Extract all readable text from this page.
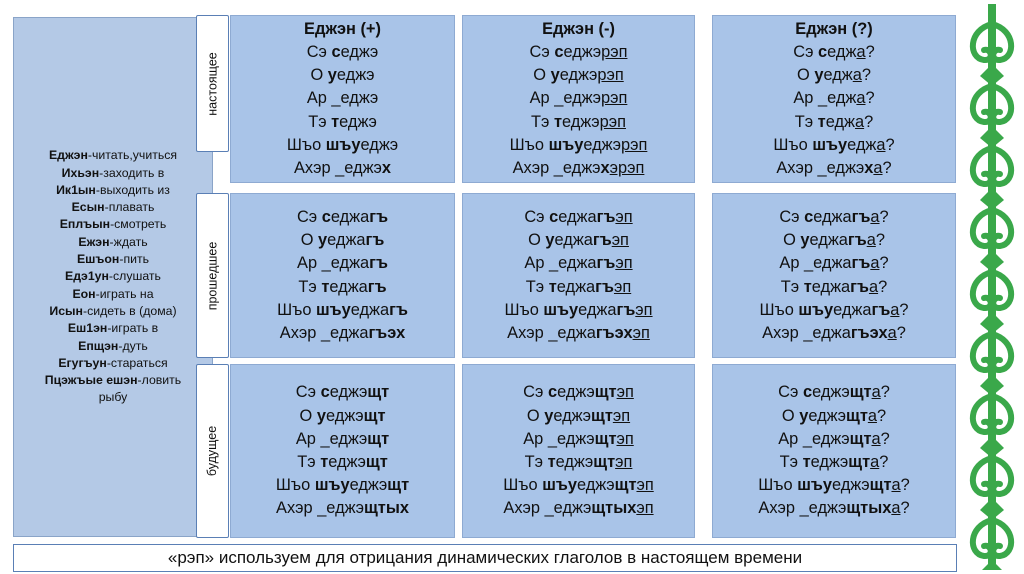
Еджэн-читать,учиться
Ихьэн-заходить в
Ик1ын-выходить из
Есын-плавать
Еплъын-смотреть
Ежэн-ждать
Ешъон-пить
Едэ1ун-слушать
Еон-играть на
Исын-сидеть в (дома)
Еш1эн-играть в
Епщэн-дуть
Егугъун-стараться
Пцэжъые ешэн-ловить
рыбу
настоящее
прошедшее
будущее
Еджэн (+)
Сэ седжэ
О уеджэ
Ар _еджэ
Тэ теджэ
Шъо шъуеджэ
Ахэр _еджэх
Еджэн (-)
Сэ седжэрэп
О уеджэрэп
Ар _еджэрэп
Тэ теджэрэп
Шъо шъуеджэрэп
Ахэр _еджэхэрэп
Еджэн (?)
Сэ седжа?
О уеджа?
Ар _еджа?
Тэ теджа?
Шъо шъуеджа?
Ахэр _еджэха?
Сэ седжагъ
О уеджагъ
Ар _еджагъ
Тэ теджагъ
Шъо шъуеджагъ
Ахэр _еджагъэх
Сэ седжагъэп
О уеджагъэп
Ар _еджагъэп
Тэ теджагъэп
Шъо шъуеджагъэп
Ахэр _еджагъэхэп
Сэ седжагъа?
О уеджагъа?
Ар _еджагъа?
Тэ теджагъа?
Шъо шъуеджагъа?
Ахэр _еджагъэха?
Сэ седжэщт
О уеджэщт
Ар _еджэщт
Тэ теджэщт
Шъо шъуеджэщт
Ахэр _еджэщтых
Сэ седжэщтэп
О уеджэщтэп
Ар _еджэщтэп
Тэ теджэщтэп
Шъо шъуеджэщтэп
Ахэр _еджэщтыхэп
Сэ седжэщта?
О уеджэщта?
Ар _еджэщта?
Тэ теджэщта?
Шъо шъуеджэщта?
Ахэр _еджэщтыха?
«рэп» используем для отрицания динамических глаголов в настоящем времени
